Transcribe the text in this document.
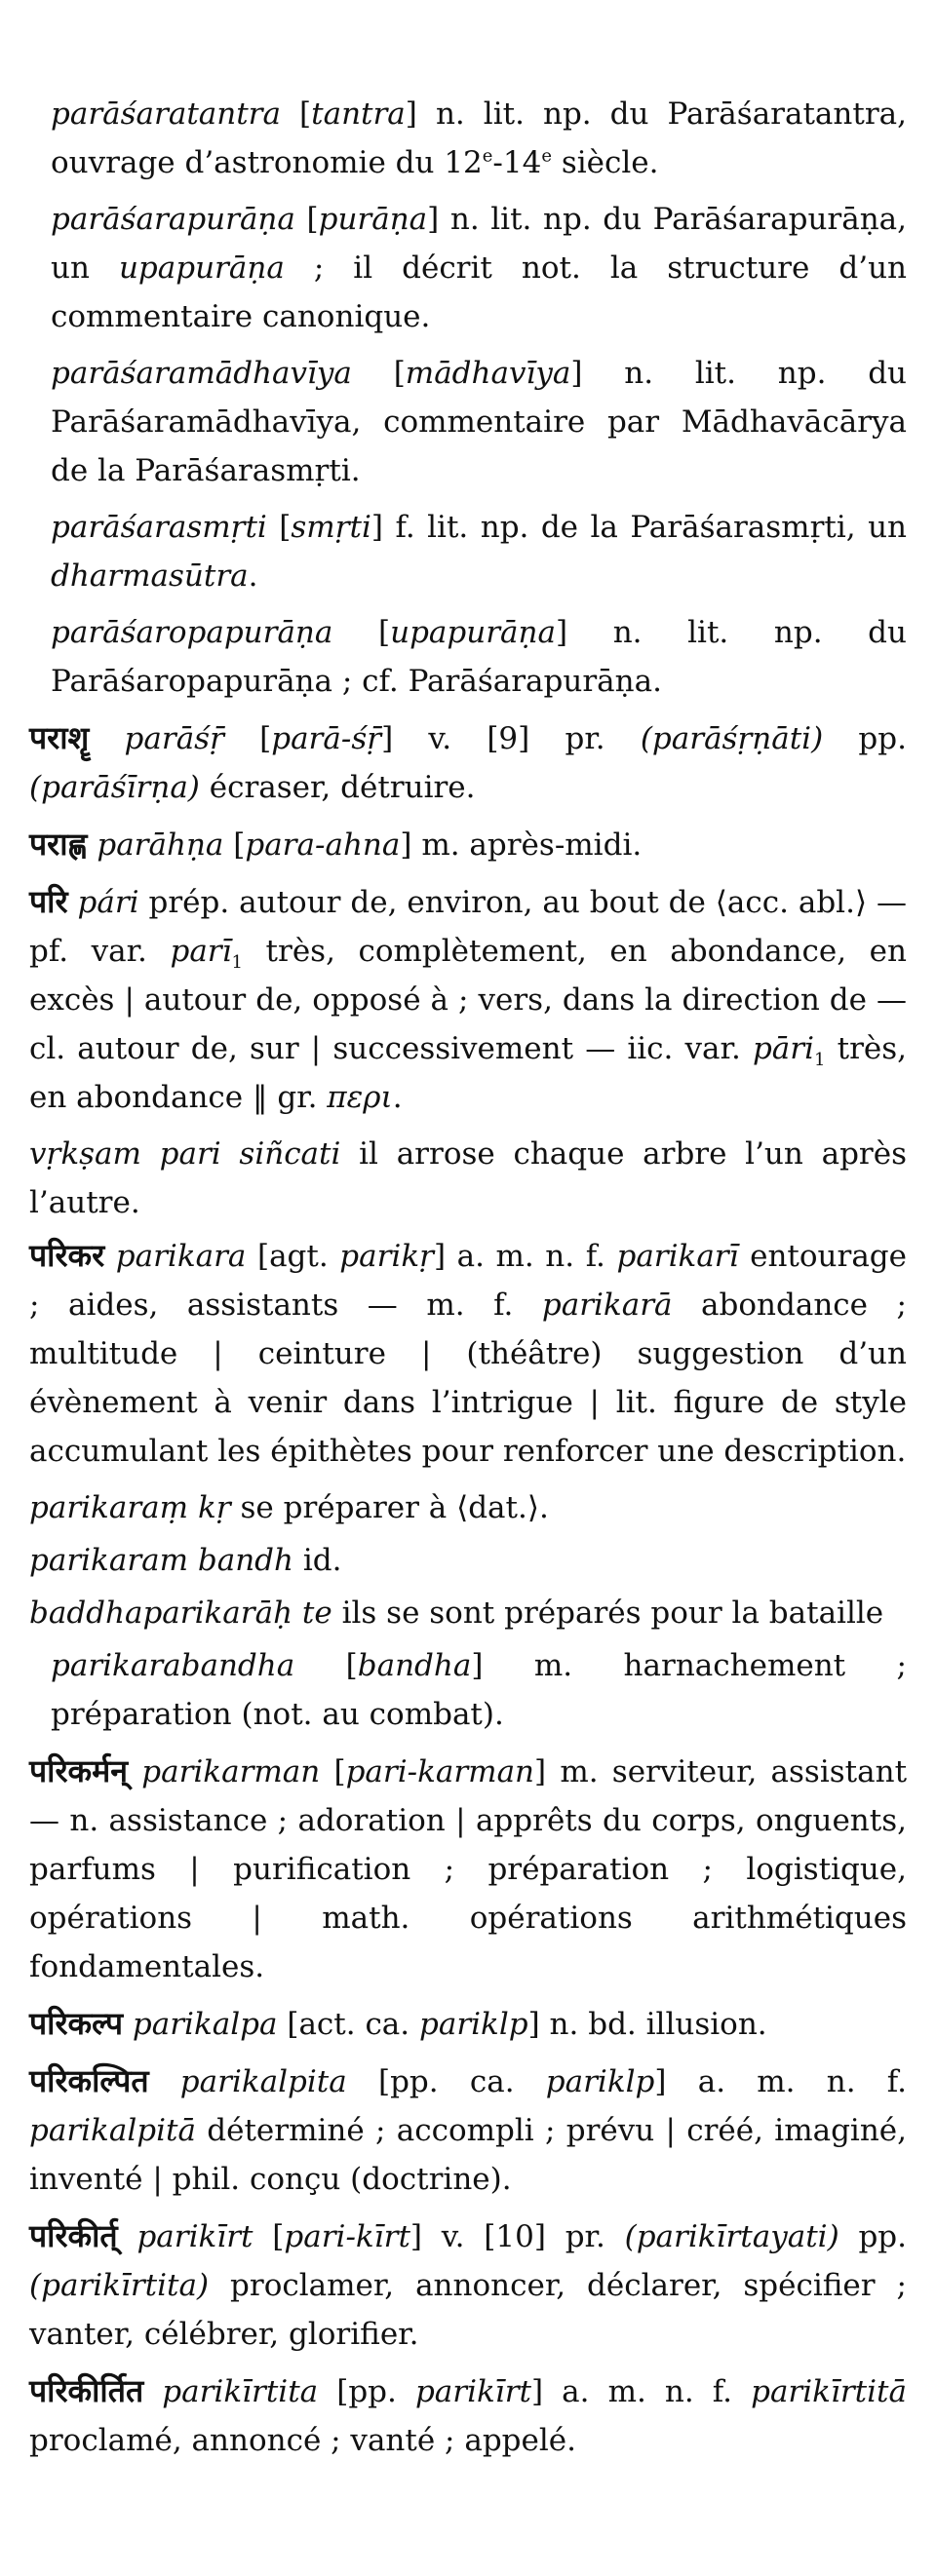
parāśaratantra [tantra] n. lit. np. du Parāśaratantra, ouvrage d’astronomie du 12e-14e siècle.

parāśarapurāṇa [purāṇa] n. lit. np. du Parāśarapurāṇa, un upapurāṇa ; il décrit not. la structure d’un commentaire canonique.

parāśaramādhavīya [mādhavīya] n. lit. np. du Parāśaramādhavīya, commentaire par Mādhavācārya de la Parāśarasmṛti.

parāśarasmṛti [smṛti] f. lit. np. de la Parāśarasmṛti, un dharmasūtra.

parāśaropapurāṇa [upapurāṇa] n. lit. np. du Parāśaropapurāṇa ; cf. Parāśarapurāṇa.

पराशॄ parāśṝ [parā-śṝ] v. [9] pr. (parāśṛṇāti) pp. (parāśīrṇa) écraser, détruire.

पराह्ण parāhṇa [para-ahna] m. après-midi.

परि pári prép. autour de, environ, au bout de ⟨acc. abl.⟩ — pf. var. parī$_1$ très, complètement, en abondance, en excès | autour de, opposé à ; vers, dans la direction de — cl. autour de, sur | successivement — iic. var. pāri$_1$ très, en abondance ‖ gr. περι.

vṛkṣam pari siñcati il arrose chaque arbre l’un après l’autre.

परिकर parikara [agt. parikṛ] a. m. n. f. parikarī entourage ; aides, assistants — m. f. parikarā abondance ; multitude | ceinture | (théâtre) suggestion d’un évènement à venir dans l’intrigue | lit. figure de style accumulant les épithètes pour renforcer une description.

parikaraṃ kṛ se préparer à ⟨dat.⟩.

parikaram bandh id.

baddhaparikarāḥ te ils se sont préparés pour la bataille

parikarabandha [bandha] m. harnachement ; préparation (not. au combat).

परिकर्मन् parikarman [pari-karman] m. serviteur, assistant — n. assistance ; adoration | apprêts du corps, onguents, parfums | purification ; préparation ; logistique, opérations | math. opérations arithmétiques fondamentales.

परिकल्प parikalpa [act. ca. pariklp] n. bd. illusion.

परिकल्पित parikalpita [pp. ca. pariklp] a. m. n. f. parikalpitā déterminé ; accompli ; prévu | créé, imaginé, inventé | phil. conçu (doctrine).

परिकीर्त् parikīrt [pari-kīrt] v. [10] pr. (parikīrtayati) pp. (parikīrtita) proclamer, annoncer, déclarer, spécifier ; vanter, célébrer, glorifier.

परिकीर्तित parikīrtita [pp. parikīrt] a. m. n. f. parikīrtitā proclamé, annoncé ; vanté ; appelé.
